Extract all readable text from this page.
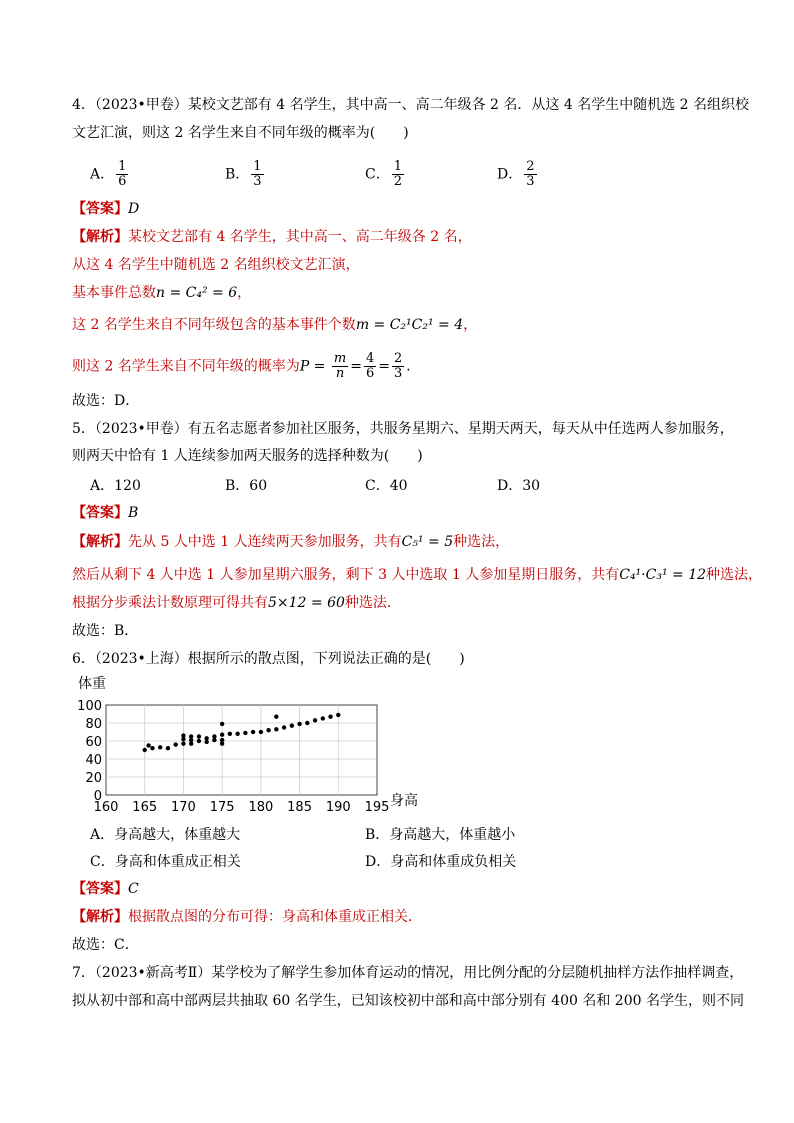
4．（2023•甲卷）某校文艺部有 4 名学生，其中高一、高二年级各 2 名．从这 4 名学生中随机选 2 名组织校
文艺汇演，则这 2 名学生来自不同年级的概率为(　　)
A． $\frac{1}{6}$	B． $\frac{1}{3}$	C． $\frac{1}{2}$	D． $\frac{2}{3}$
【答案】D
【解析】某校文艺部有 4 名学生，其中高一、高二年级各 2 名，
从这 4 名学生中随机选 2 名组织校文艺汇演，
基本事件总数n = C₄² = 6，
这 2 名学生来自不同年级包含的基本事件个数m = C₂¹C₂¹ = 4，
则这 2 名学生来自不同年级的概率为$P = \frac{m}{n} = \frac{4}{6} = \frac{2}{3}$ ．
故选：D．
5．（2023•甲卷）有五名志愿者参加社区服务，共服务星期六、星期天两天，每天从中任选两人参加服务，
则两天中恰有 1 人连续参加两天服务的选择种数为(　　)
A．120	B．60	C．40	D．30
【答案】B
【解析】先从 5 人中选 1 人连续两天参加服务，共有C₅¹ = 5种选法，
然后从剩下 4 人中选 1 人参加星期六服务，剩下 3 人中选取 1 人参加星期日服务，共有C₄¹·C₃¹ = 12种选法，
根据分步乘法计数原理可得共有5×12 = 60种选法．
故选：B．
6．（2023•上海）根据所示的散点图，下列说法正确的是(　　)
160 165 170 175 180 185 190 195
0
20
40
60
80
100
体重
身高
A．身高越大，体重越大	B．身高越大，体重越小
C．身高和体重成正相关	D．身高和体重成负相关
【答案】C
【解析】根据散点图的分布可得：身高和体重成正相关．
故选：C．
7．（2023•新高考Ⅱ）某学校为了解学生参加体育运动的情况，用比例分配的分层随机抽样方法作抽样调查，
拟从初中部和高中部两层共抽取 60 名学生，已知该校初中部和高中部分别有 400 名和 200 名学生，则不同
